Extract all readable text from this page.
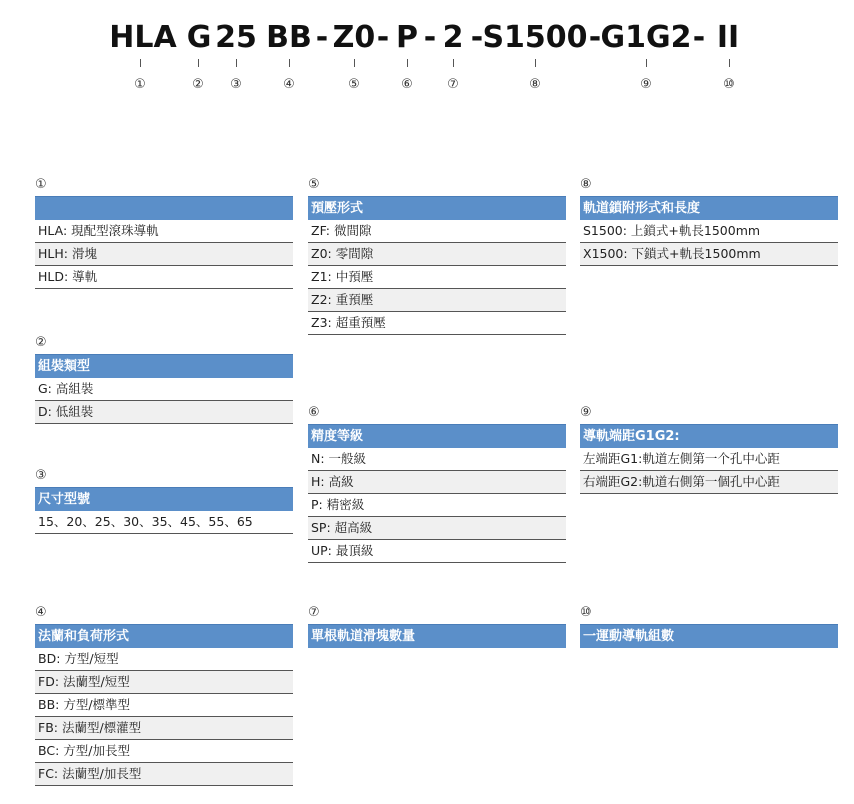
HLA G 25 BB - Z0 - P - 2 - S1500 - G1G2 - II
①	② ③	④	⑤	⑥	⑦	⑧	⑨	⑩
①
HLA: 現配型滾珠導軌
HLH: 滑塊
HLD: 導軌
②
組裝類型
G: 高組裝
D: 低組裝
③
尺寸型號
15、20、25、30、35、45、55、65
④
法蘭和負荷形式
BD: 方型/短型
FD: 法蘭型/短型
BB: 方型/標準型
FB: 法蘭型/標灌型
BC: 方型/加長型
FC: 法蘭型/加長型
⑤
預壓形式
ZF: 微間隙
Z0: 零間隙
Z1: 中預壓
Z2: 重預壓
Z3: 超重預壓
⑥
精度等級
N: 一般級
H: 高級
P: 精密級
SP: 超高級
UP: 最頂級
⑦
單根軌道滑塊數量
⑧
軌道鎖附形式和長度
S1500: 上鎖式+軌長1500mm
X1500: 下鎖式+軌長1500mm
⑨
導軌端距G1G2:
左端距G1:軌道左側第一个孔中心距
右端距G2:軌道右側第一個孔中心距
⑩
一運動導軌組數
